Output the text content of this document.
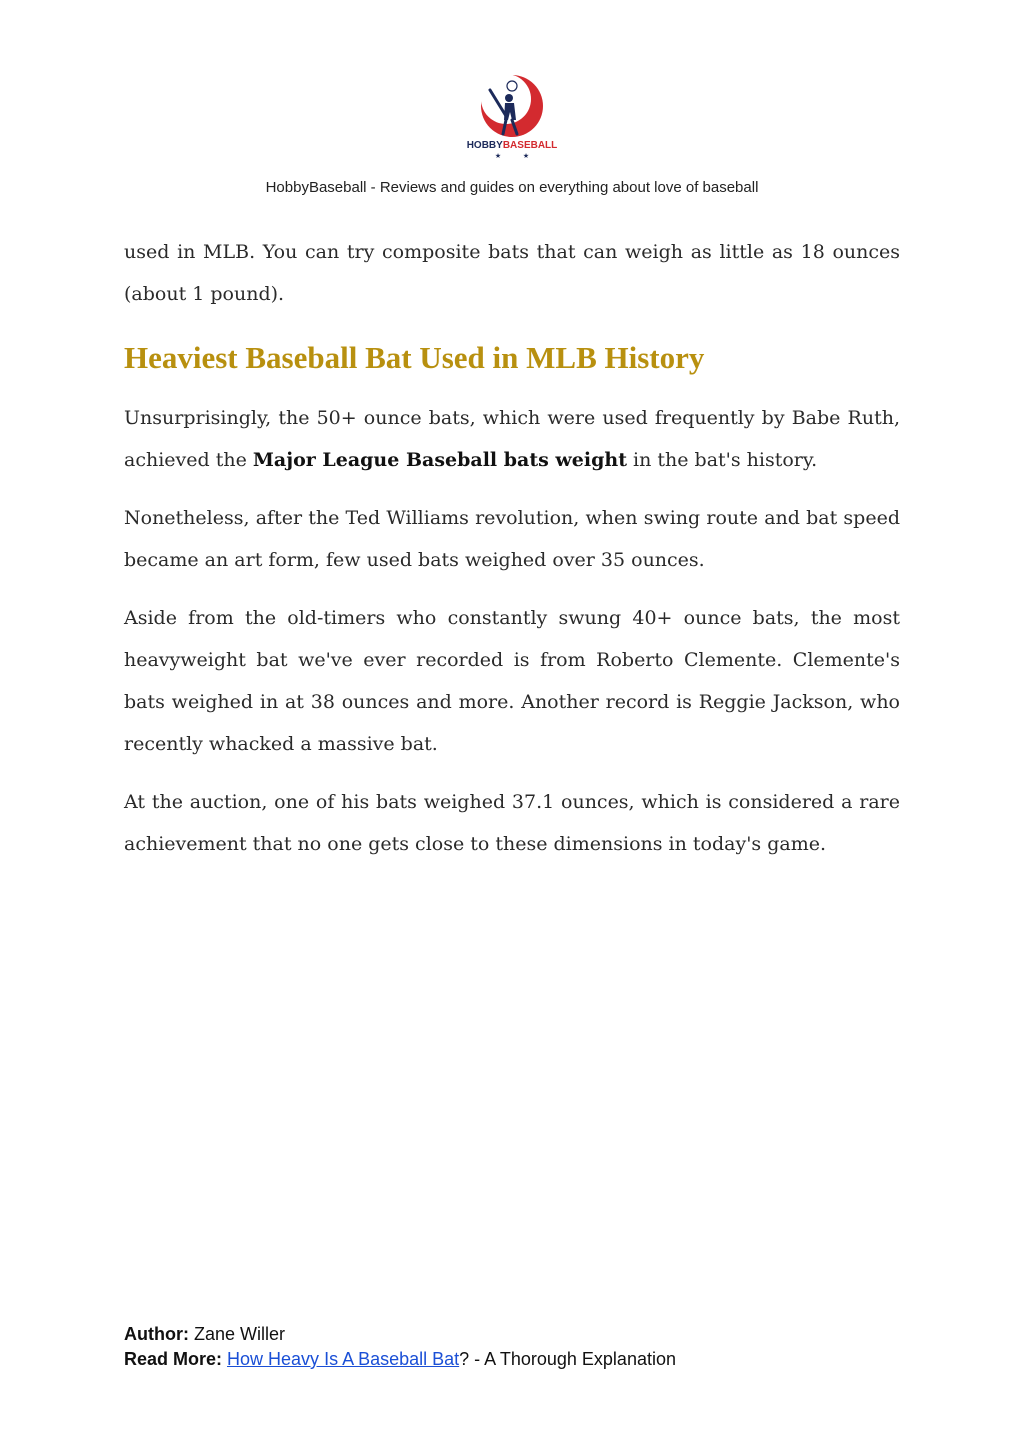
HOBBYBASEBALL
★	★
HobbyBaseball - Reviews and guides on everything about love of baseball

used in MLB. You can try composite bats that can weigh as little as 18 ounces (about 1 pound).

Heaviest Baseball Bat Used in MLB History

Unsurprisingly, the 50+ ounce bats, which were used frequently by Babe Ruth, achieved the Major League Baseball bats weight in the bat's history.

Nonetheless, after the Ted Williams revolution, when swing route and bat speed became an art form, few used bats weighed over 35 ounces.

Aside from the old-timers who constantly swung 40+ ounce bats, the most heavyweight bat we've ever recorded is from Roberto Clemente. Clemente's bats weighed in at 38 ounces and more. Another record is Reggie Jackson, who recently whacked a massive bat.

At the auction, one of his bats weighed 37.1 ounces, which is considered a rare achievement that no one gets close to these dimensions in today's game.

Author: Zane Willer
Read More: How Heavy Is A Baseball Bat? - A Thorough Explanation
